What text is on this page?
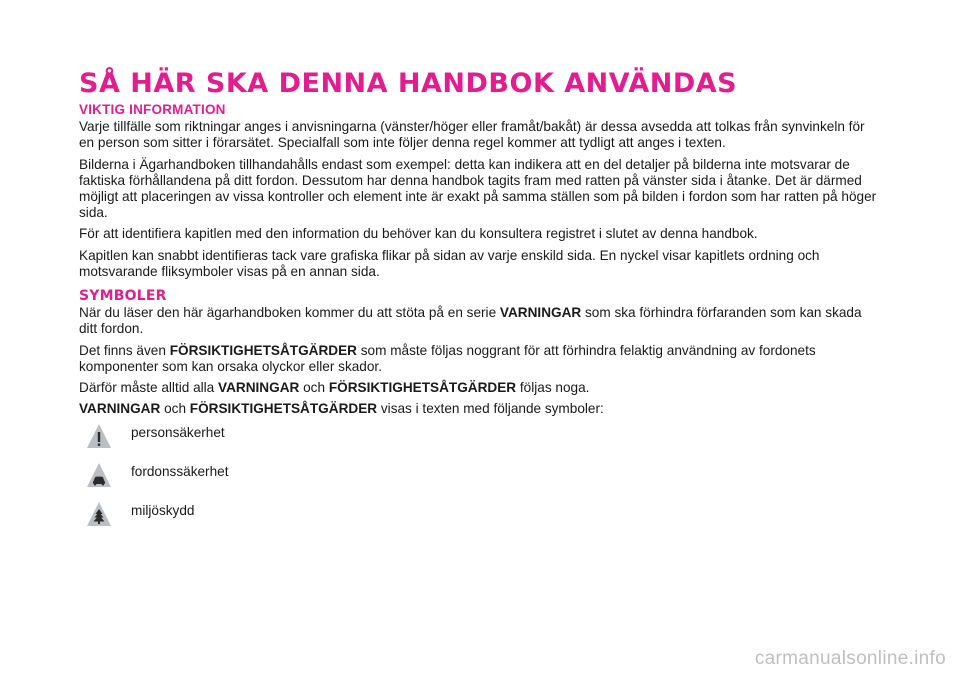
SÅ HÄR SKA DENNA HANDBOK ANVÄNDAS
VIKTIG INFORMATION

Varje tillfälle som riktningar anges i anvisningarna (vänster/höger eller framåt/bakåt) är dessa avsedda att tolkas från synvinkeln för en person som sitter i förarsätet. Specialfall som inte följer denna regel kommer att tydligt att anges i texten.

Bilderna i Ägarhandboken tillhandahålls endast som exempel: detta kan indikera att en del detaljer på bilderna inte motsvarar de faktiska förhållandena på ditt fordon. Dessutom har denna handbok tagits fram med ratten på vänster sida i åtanke. Det är därmed möjligt att placeringen av vissa kontroller och element inte är exakt på samma ställen som på bilden i fordon som har ratten på höger sida.

För att identifiera kapitlen med den information du behöver kan du konsultera registret i slutet av denna handbok.

Kapitlen kan snabbt identifieras tack vare grafiska flikar på sidan av varje enskild sida. En nyckel visar kapitlets ordning och motsvarande fliksymboler visas på en annan sida.

SYMBOLER

När du läser den här ägarhandboken kommer du att stöta på en serie VARNINGAR som ska förhindra förfaranden som kan skada ditt fordon.

Det finns även FÖRSIKTIGHETSÅTGÄRDER som måste följas noggrant för att förhindra felaktig användning av fordonets komponenter som kan orsaka olyckor eller skador.

Därför måste alltid alla VARNINGAR och FÖRSIKTIGHETSÅTGÄRDER följas noga.

VARNINGAR och FÖRSIKTIGHETSÅTGÄRDER visas i texten med följande symboler:

personsäkerhet
fordonssäkerhet
miljöskydd
carmanualsonline.info
